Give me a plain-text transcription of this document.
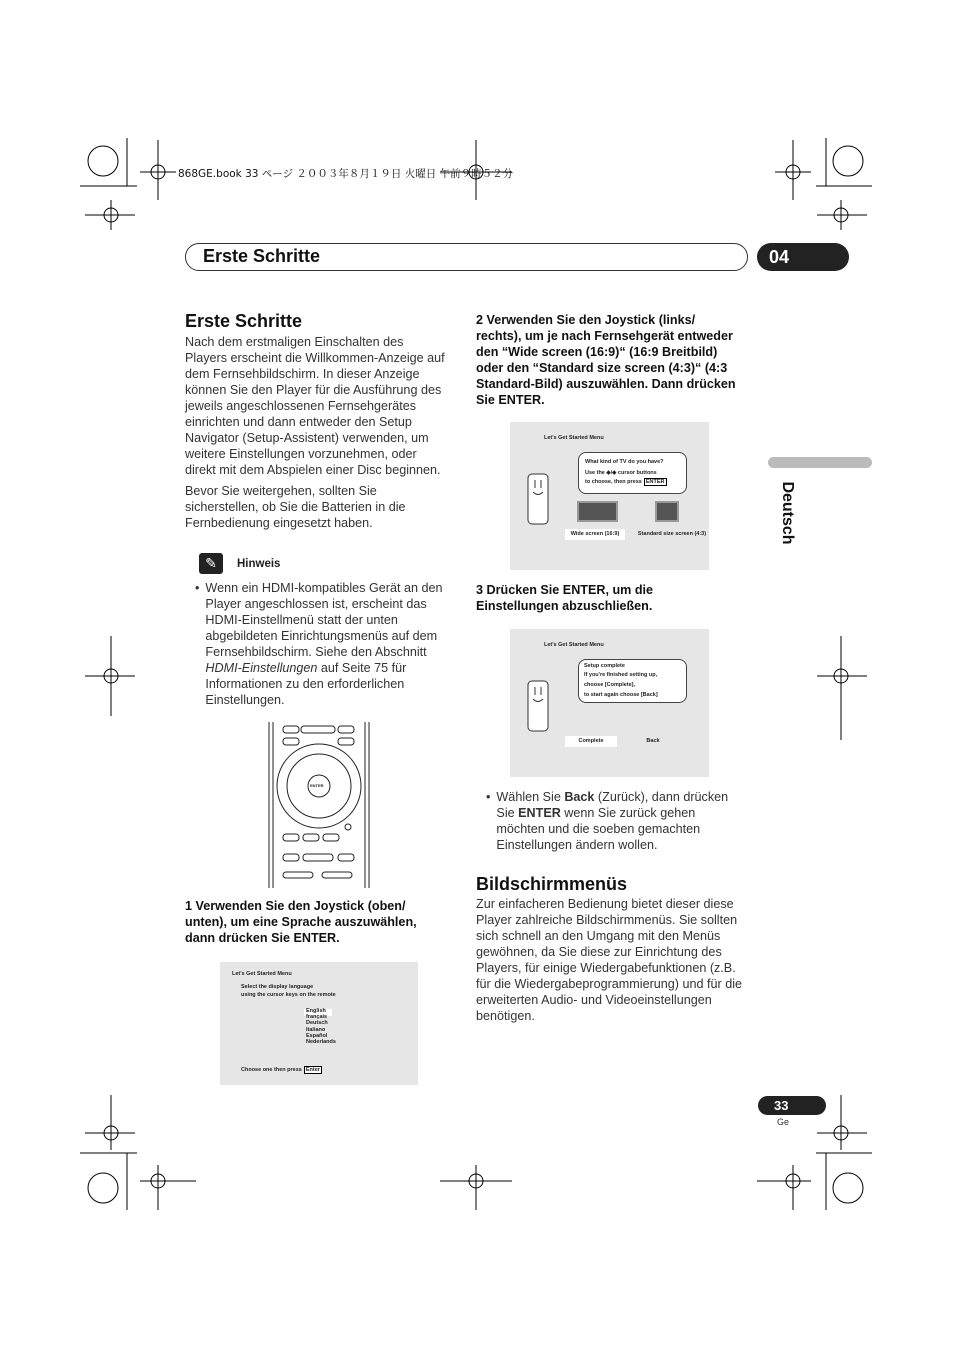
868GE.book 33 ページ ２００３年８月１９日 火曜日 午前９時５２分
Erste Schritte	04
Deutsch
Erste Schritte
Nach dem erstmaligen Einschalten des Players erscheint die Willkommen-Anzeige auf dem Fernsehbildschirm. In dieser Anzeige können Sie den Player für die Ausführung des jeweils angeschlossenen Fernsehgerätes einrichten und dann entweder den Setup Navigator (Setup-Assistent) verwenden, um weitere Einstellungen vorzunehmen, oder direkt mit dem Abspielen einer Disc beginnen.
Bevor Sie weitergehen, sollten Sie sicherstellen, ob Sie die Batterien in die Fernbedienung eingesetzt haben.
✎	Hinweis
• Wenn ein HDMI-kompatibles Gerät an den Player angeschlossen ist, erscheint das HDMI-Einstellmenü statt der unten abgebildeten Einrichtungsmenüs auf dem Fernsehbildschirm. Siehe den Abschnitt HDMI-Einstellungen auf Seite 75 für Informationen zu den erforderlichen Einstellungen.
ENTER
1 Verwenden Sie den Joystick (oben/ unten), um eine Sprache auszuwählen, dann drücken Sie ENTER.
Let's Get Started Menu
Select the display language
using the cursor keys on the remote
English
français
Deutsch
Italiano
Español
Nederlands
Choose one then press Enter
2 Verwenden Sie den Joystick (links/ rechts), um je nach Fernsehgerät entweder den “Wide screen (16:9)“ (16:9 Breitbild) oder den “Standard size screen (4:3)“ (4:3 Standard-Bild) auszuwählen. Dann drücken Sie ENTER.
Let's Get Started Menu
What kind of TV do you have?
Use the ◆/◆ cursor buttons
to choose, then press ENTER
Wide screen (16:9)	Standard size screen (4:3)
3 Drücken Sie ENTER, um die Einstellungen abzuschließen.
Let's Get Started Menu
Setup complete
If you're finished setting up,
choose [Complete],
to start again choose [Back]
Complete	Back
• Wählen Sie Back (Zurück), dann drücken Sie ENTER wenn Sie zurück gehen möchten und die soeben gemachten Einstellungen ändern wollen.
Bildschirmmenüs
Zur einfacheren Bedienung bietet dieser diese Player zahlreiche Bildschirmmenüs. Sie sollten sich schnell an den Umgang mit den Menüs gewöhnen, da Sie diese zur Einrichtung des Players, für einige Wiedergabefunktionen (z.B. für die Wiedergabeprogrammierung) und für die erweiterten Audio- und Videoeinstellungen benötigen.
33
Ge
